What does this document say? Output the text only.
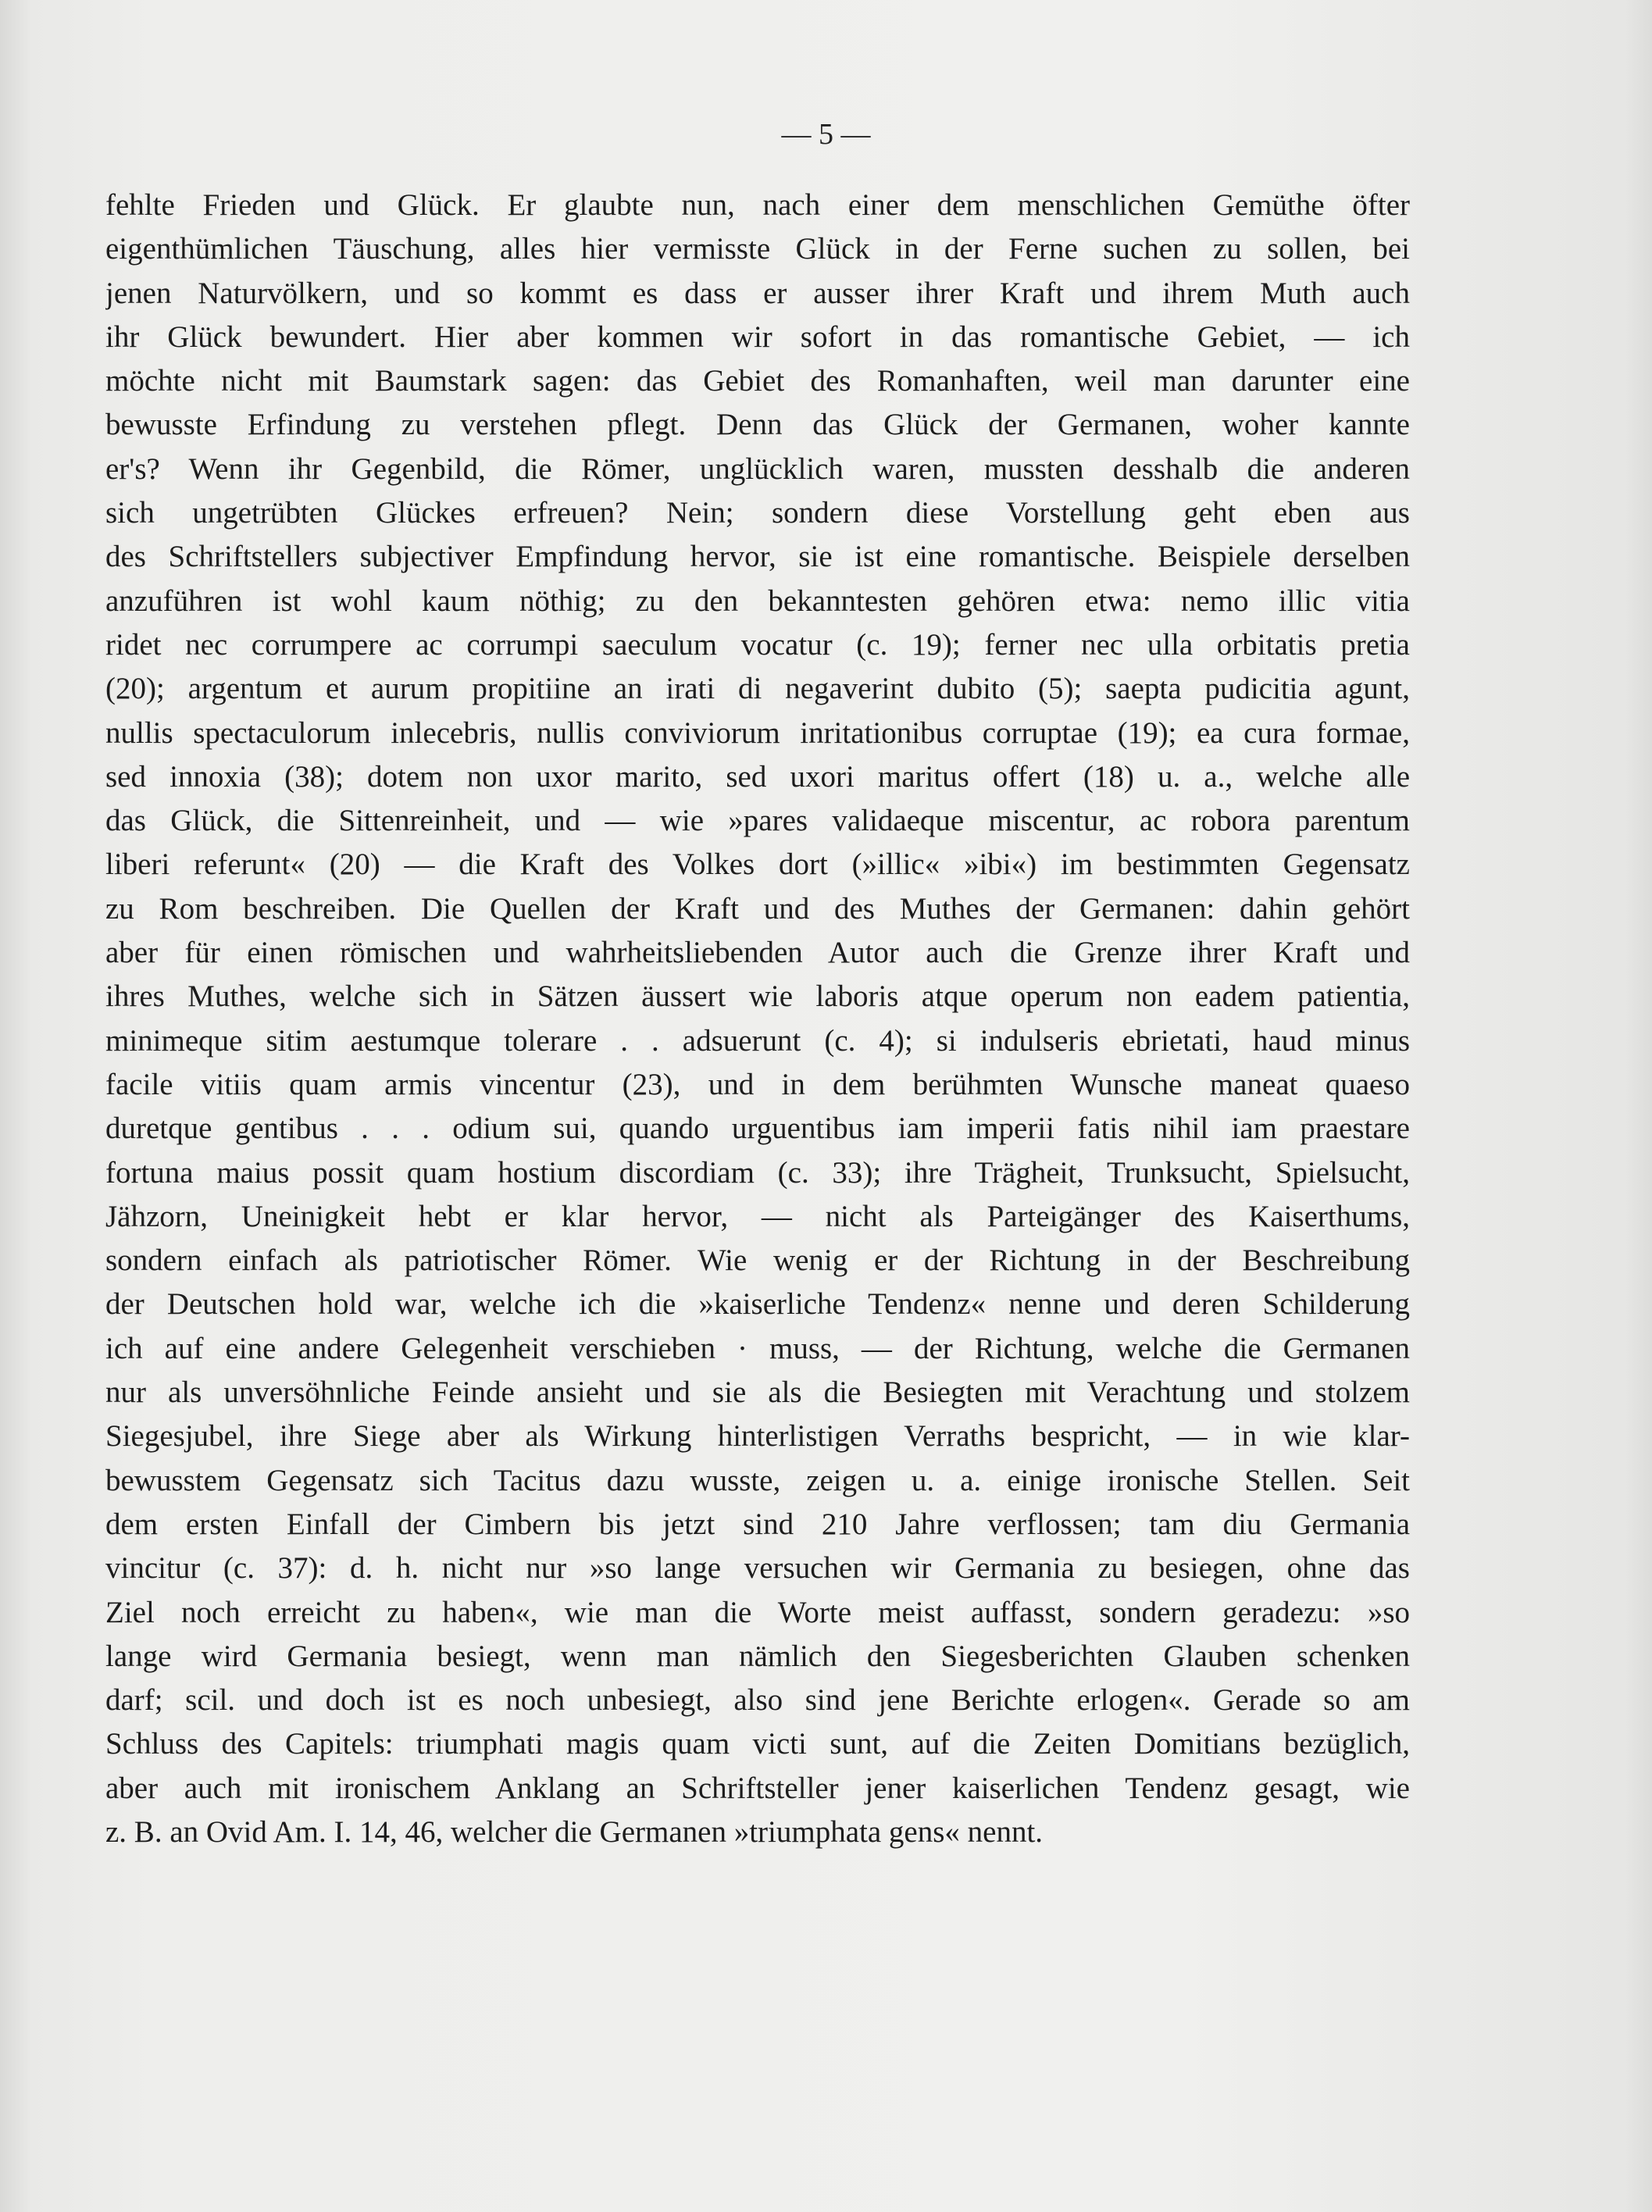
— 5 —
fehlte Frieden und Glück. Er glaubte nun, nach einer dem menschlichen Gemüthe öfter
eigenthümlichen Täuschung, alles hier vermisste Glück in der Ferne suchen zu sollen, bei
jenen Naturvölkern, und so kommt es dass er ausser ihrer Kraft und ihrem Muth auch
ihr Glück bewundert. Hier aber kommen wir sofort in das romantische Gebiet, — ich
möchte nicht mit Baumstark sagen: das Gebiet des Romanhaften, weil man darunter eine
bewusste Erfindung zu verstehen pflegt. Denn das Glück der Germanen, woher kannte
er's? Wenn ihr Gegenbild, die Römer, unglücklich waren, mussten desshalb die anderen
sich ungetrübten Glückes erfreuen? Nein; sondern diese Vorstellung geht eben aus
des Schriftstellers subjectiver Empfindung hervor, sie ist eine romantische. Beispiele derselben
anzuführen ist wohl kaum nöthig; zu den bekanntesten gehören etwa: nemo illic vitia
ridet nec corrumpere ac corrumpi saeculum vocatur (c. 19); ferner nec ulla orbitatis pretia
(20); argentum et aurum propitiine an irati di negaverint dubito (5); saepta pudicitia agunt,
nullis spectaculorum inlecebris, nullis conviviorum inritationibus corruptae (19); ea cura formae,
sed innoxia (38); dotem non uxor marito, sed uxori maritus offert (18) u. a., welche alle
das Glück, die Sittenreinheit, und — wie »pares validaeque miscentur, ac robora parentum
liberi referunt« (20) — die Kraft des Volkes dort (»illic« »ibi«) im bestimmten Gegensatz
zu Rom beschreiben. Die Quellen der Kraft und des Muthes der Germanen: dahin gehört
aber für einen römischen und wahrheitsliebenden Autor auch die Grenze ihrer Kraft und
ihres Muthes, welche sich in Sätzen äussert wie laboris atque operum non eadem patientia,
minimeque sitim aestumque tolerare . . adsuerunt (c. 4); si indulseris ebrietati, haud minus
facile vitiis quam armis vincentur (23), und in dem berühmten Wunsche maneat quaeso
duretque gentibus . . . odium sui, quando urguentibus iam imperii fatis nihil iam praestare
fortuna maius possit quam hostium discordiam (c. 33); ihre Trägheit, Trunksucht, Spielsucht,
Jähzorn, Uneinigkeit hebt er klar hervor, — nicht als Parteigänger des Kaiserthums,
sondern einfach als patriotischer Römer. Wie wenig er der Richtung in der Beschreibung
der Deutschen hold war, welche ich die »kaiserliche Tendenz« nenne und deren Schilderung
ich auf eine andere Gelegenheit verschieben · muss, — der Richtung, welche die Germanen
nur als unversöhnliche Feinde ansieht und sie als die Besiegten mit Verachtung und stolzem
Siegesjubel, ihre Siege aber als Wirkung hinterlistigen Verraths bespricht, — in wie klar-
bewusstem Gegensatz sich Tacitus dazu wusste, zeigen u. a. einige ironische Stellen. Seit
dem ersten Einfall der Cimbern bis jetzt sind 210 Jahre verflossen; tam diu Germania
vincitur (c. 37): d. h. nicht nur »so lange versuchen wir Germania zu besiegen, ohne das
Ziel noch erreicht zu haben«, wie man die Worte meist auffasst, sondern geradezu: »so
lange wird Germania besiegt, wenn man nämlich den Siegesberichten Glauben schenken
darf; scil. und doch ist es noch unbesiegt, also sind jene Berichte erlogen«. Gerade so am
Schluss des Capitels: triumphati magis quam victi sunt, auf die Zeiten Domitians bezüglich,
aber auch mit ironischem Anklang an Schriftsteller jener kaiserlichen Tendenz gesagt, wie
z. B. an Ovid Am. I. 14, 46, welcher die Germanen »triumphata gens« nennt.
